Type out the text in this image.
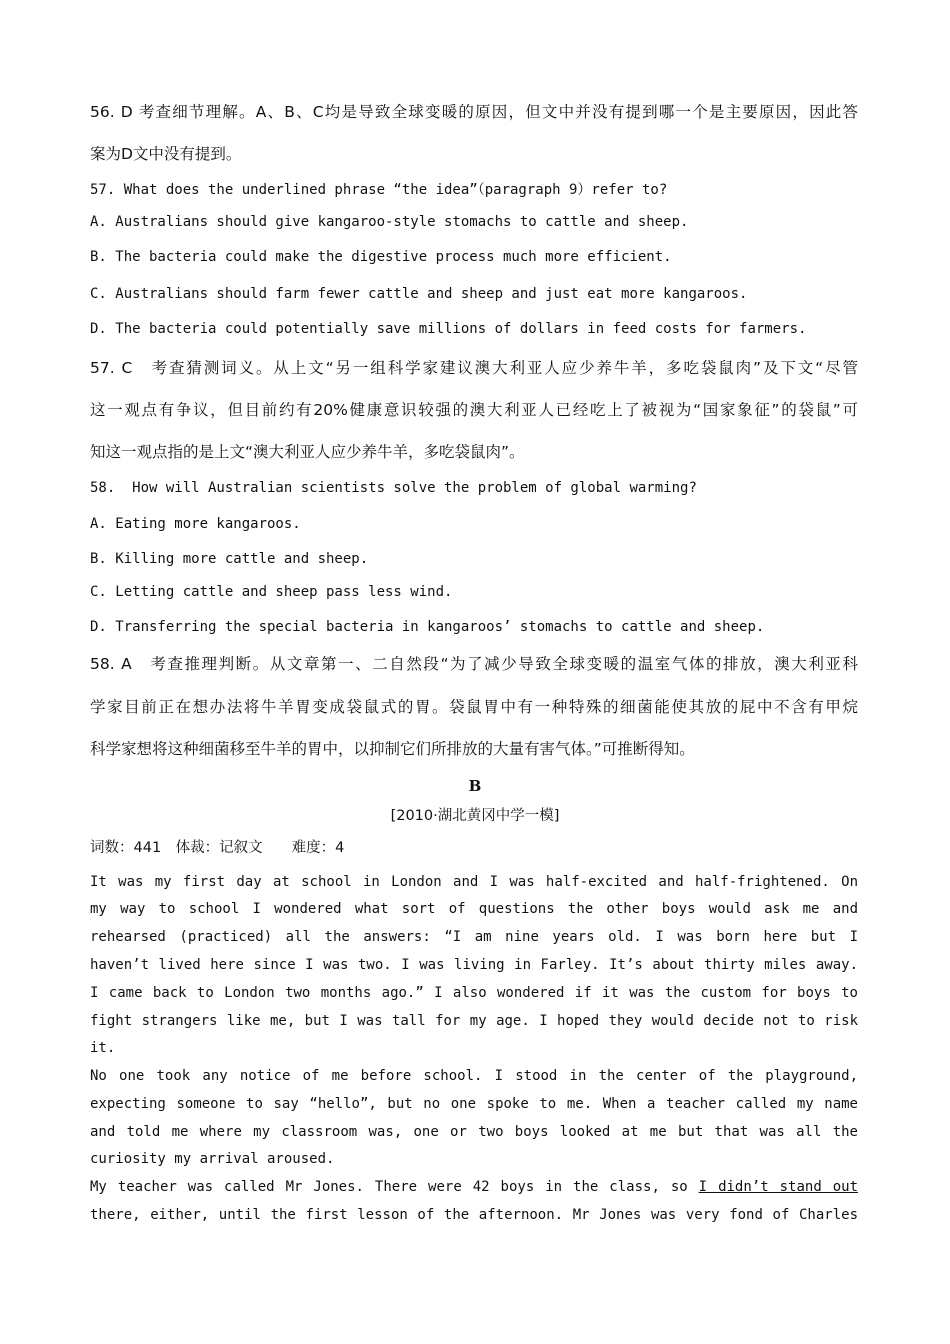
56. D 考查细节理解。A、B、C均是导致全球变暖的原因，但文中并没有提到哪一个是主要原因，因此答
案为D文中没有提到。
57. What does the underlined phrase “the idea”（paragraph 9）refer to?
A. Australians should give kangaroo-style stomachs to cattle and sheep.
B. The bacteria could make the digestive process much more efficient.
C. Australians should farm fewer cattle and sheep and just eat more kangaroos.
D. The bacteria could potentially save millions of dollars in feed costs for farmers.
57. C　考查猜测词义。从上文“另一组科学家建议澳大利亚人应少养牛羊，多吃袋鼠肉”及下文“尽管
这一观点有争议，但目前约有20%健康意识较强的澳大利亚人已经吃上了被视为“国家象征”的袋鼠”可
知这一观点指的是上文“澳大利亚人应少养牛羊，多吃袋鼠肉”。
58.  How will Australian scientists solve the problem of global warming?
A. Eating more kangaroos.
B. Killing more cattle and sheep.
C. Letting cattle and sheep pass less wind.
D. Transferring the special bacteria in kangaroos’ stomachs to cattle and sheep.
58. A　考查推理判断。从文章第一、二自然段“为了减少导致全球变暖的温室气体的排放，澳大利亚科
学家目前正在想办法将牛羊胃变成袋鼠式的胃。袋鼠胃中有一种特殊的细菌能使其放的屁中不含有甲烷
科学家想将这种细菌移至牛羊的胃中，以抑制它们所排放的大量有害气体。”可推断得知。
B
[2010·湖北黄冈中学一模]
词数：441　体裁：记叙文　　难度：4
It was my first day at school in London and I was half-excited and half-frightened. On
my way to school I wondered what sort of questions the other boys would ask me and
rehearsed (practiced) all the answers: “I am nine years old. I was born here but I
haven’t lived here since I was two. I was living in Farley. It’s about thirty miles away.
I came back to London two months ago.” I also wondered if it was the custom for boys to
fight strangers like me, but I was tall for my age. I hoped they would decide not to risk
it.
No one took any notice of me before school. I stood in the center of the playground,
expecting someone to say “hello”, but no one spoke to me. When a teacher called my name
and told me where my classroom was, one or two boys looked at me but that was all the
curiosity my arrival aroused.
My teacher was called Mr Jones. There were 42 boys in the class, so I didn’t stand out
there, either, until the first lesson of the afternoon. Mr Jones was very fond of Charles
